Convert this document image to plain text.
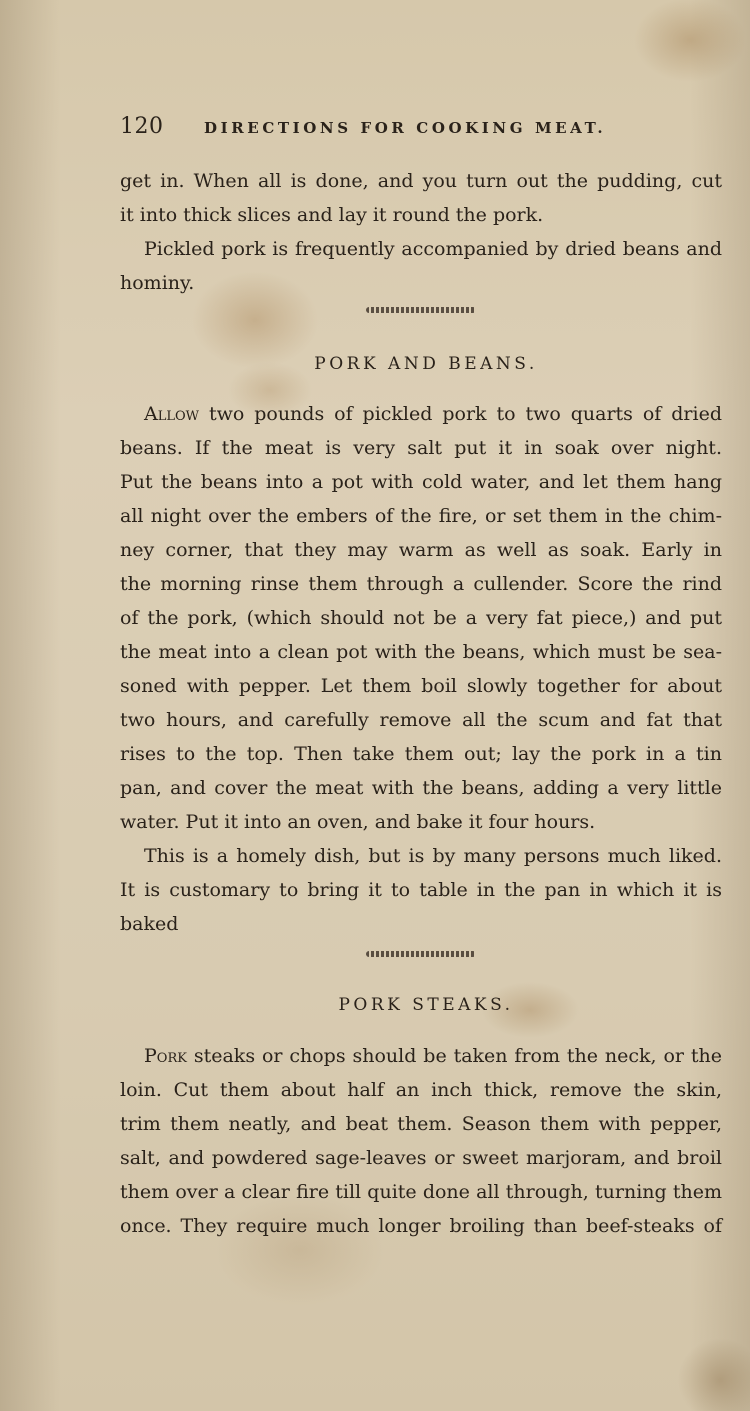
120	DIRECTIONS FOR COOKING MEAT.
get in. When all is done, and you turn out the pudding, cut
it into thick slices and lay it round the pork.
Pickled pork is frequently accompanied by dried beans and
hominy.
PORK AND BEANS.
Allow two pounds of pickled pork to two quarts of dried
beans. If the meat is very salt put it in soak over night.
Put the beans into a pot with cold water, and let them hang
all night over the embers of the fire, or set them in the chim-
ney corner, that they may warm as well as soak. Early in
the morning rinse them through a cullender. Score the rind
of the pork, (which should not be a very fat piece,) and put
the meat into a clean pot with the beans, which must be sea-
soned with pepper. Let them boil slowly together for about
two hours, and carefully remove all the scum and fat that
rises to the top. Then take them out; lay the pork in a tin
pan, and cover the meat with the beans, adding a very little
water. Put it into an oven, and bake it four hours.
This is a homely dish, but is by many persons much liked.
It is customary to bring it to table in the pan in which it is
baked
PORK STEAKS.
Pork steaks or chops should be taken from the neck, or the
loin. Cut them about half an inch thick, remove the skin,
trim them neatly, and beat them. Season them with pepper,
salt, and powdered sage-leaves or sweet marjoram, and broil
them over a clear fire till quite done all through, turning them
once. They require much longer broiling than beef-steaks of
